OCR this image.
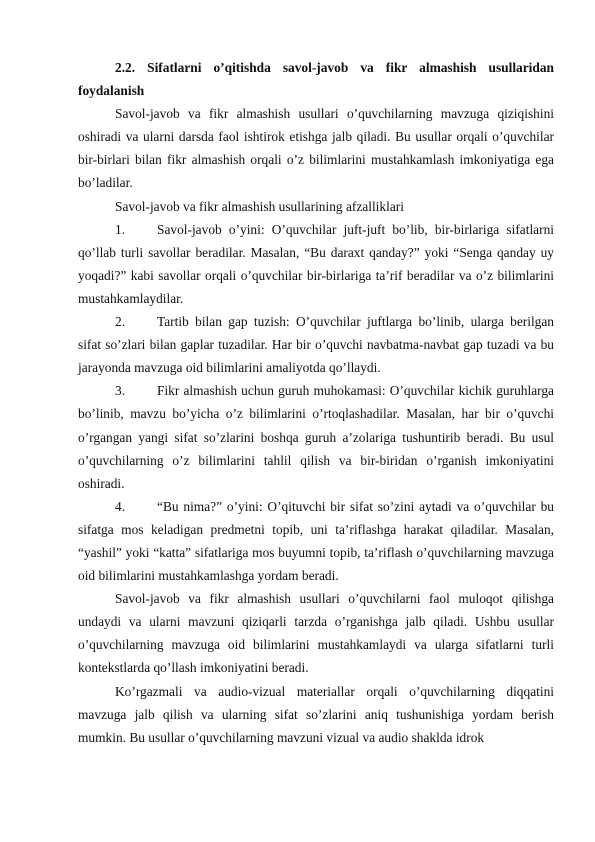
2.2. Sifatlarni o’qitishda savol-javob va fikr almashish usullaridan foydalanish

Savol-javob va fikr almashish usullari o’quvchilarning mavzuga qiziqishini oshiradi va ularni darsda faol ishtirok etishga jalb qiladi. Bu usullar orqali o’quvchilar bir-birlari bilan fikr almashish orqali o’z bilimlarini mustahkamlash imkoniyatiga ega bo’ladilar.

Savol-javob va fikr almashish usullarining afzalliklari

1. Savol-javob o’yini: O’quvchilar juft-juft bo’lib, bir-birlariga sifatlarni qo’llab turli savollar beradilar. Masalan, “Bu daraxt qanday?” yoki “Senga qanday uy yoqadi?” kabi savollar orqali o’quvchilar bir-birlariga ta’rif beradilar va o’z bilimlarini mustahkamlaydilar.

2. Tartib bilan gap tuzish: O’quvchilar juftlarga bo’linib, ularga berilgan sifat so’zlari bilan gaplar tuzadilar. Har bir o’quvchi navbatma-navbat gap tuzadi va bu jarayonda mavzuga oid bilimlarini amaliyotda qo’llaydi.

3. Fikr almashish uchun guruh muhokamasi: O’quvchilar kichik guruhlarga bo’linib, mavzu bo’yicha o’z bilimlarini o’rtoqlashadilar. Masalan, har bir o’quvchi o’rgangan yangi sifat so’zlarini boshqa guruh a’zolariga tushuntirib beradi. Bu usul o’quvchilarning o’z bilimlarini tahlil qilish va bir-biridan o’rganish imkoniyatini oshiradi.

4. “Bu nima?” o’yini: O’qituvchi bir sifat so’zini aytadi va o’quvchilar bu sifatga mos keladigan predmetni topib, uni ta’riflashga harakat qiladilar. Masalan, “yashil” yoki “katta” sifatlariga mos buyumni topib, ta’riflash o’quvchilarning mavzuga oid bilimlarini mustahkamlashga yordam beradi.

Savol-javob va fikr almashish usullari o’quvchilarni faol muloqot qilishga undaydi va ularni mavzuni qiziqarli tarzda o’rganishga jalb qiladi. Ushbu usullar o’quvchilarning mavzuga oid bilimlarini mustahkamlaydi va ularga sifatlarni turli kontekstlarda qo’llash imkoniyatini beradi.

Ko’rgazmali va audio-vizual materiallar orqali o’quvchilarning diqqatini mavzuga jalb qilish va ularning sifat so’zlarini aniq tushunishiga yordam berish mumkin. Bu usullar o’quvchilarning mavzuni vizual va audio shaklda idrok
